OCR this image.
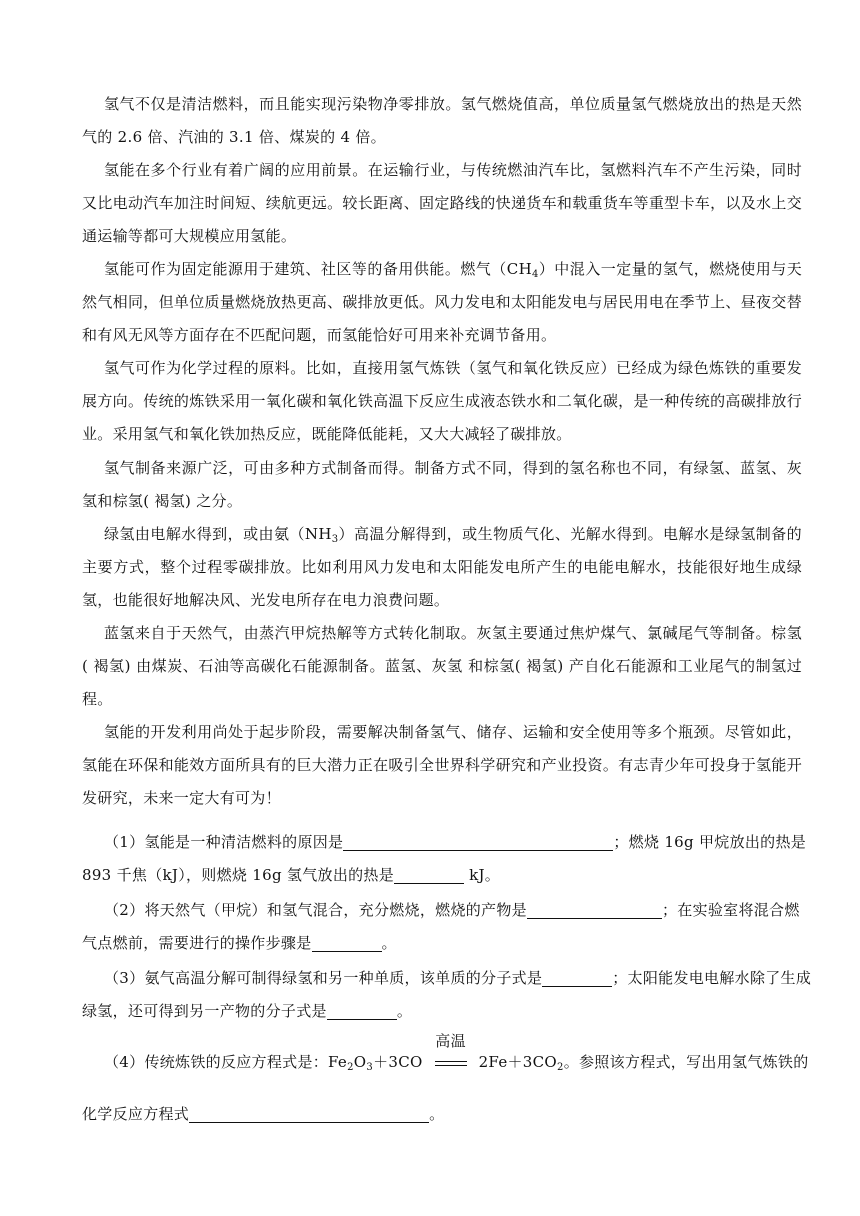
氢气不仅是清洁燃料，而且能实现污染物净零排放。氢气燃烧值高，单位质量氢气燃烧放出的热是天然气的 2.6 倍、汽油的 3.1 倍、煤炭的 4 倍。

氢能在多个行业有着广阔的应用前景。在运输行业，与传统燃油汽车比，氢燃料汽车不产生污染，同时又比电动汽车加注时间短、续航更远。较长距离、固定路线的快递货车和载重货车等重型卡车，以及水上交通运输等都可大规模应用氢能。

氢能可作为固定能源用于建筑、社区等的备用供能。燃气$(CH_4)$中混入一定量的氢气，燃烧使用与天然气相同，但单位质量燃烧放热更高、碳排放更低。风力发电和太阳能发电与居民用电在季节上、昼夜交替和有风无风等方面存在不匹配问题，而氢能恰好可用来补充调节备用。

氢气可作为化学过程的原料。比如，直接用氢气炼铁（氢气和氧化铁反应）已经成为绿色炼铁的重要发展方向。传统的炼铁采用一氧化碳和氧化铁高温下反应生成液态铁水和二氧化碳，是一种传统的高碳排放行业。采用氢气和氧化铁加热反应，既能降低能耗，又大大减轻了碳排放。

氢气制备来源广泛，可由多种方式制备而得。制备方式不同，得到的氢名称也不同，有绿氢、蓝氢、灰氢和棕氢( 褐氢) 之分。

绿氢由电解水得到，或由氨$(NH_3)$高温分解得到，或生物质气化、光解水得到。电解水是绿氢制备的主要方式，整个过程零碳排放。比如利用风力发电和太阳能发电所产生的电能电解水，技能很好地生成绿氢，也能很好地解决风、光发电所存在电力浪费问题。

蓝氢来自于天然气，由蒸汽甲烷热解等方式转化制取。灰氢主要通过焦炉煤气、氯碱尾气等制备。棕氢 ( 褐氢) 由煤炭、石油等高碳化石能源制备。蓝氢、灰氢 和棕氢( 褐氢) 产自化石能源和工业尾气的制氢过程。

氢能的开发利用尚处于起步阶段，需要解决制备氢气、储存、运输和安全使用等多个瓶颈。尽管如此，氢能在环保和能效方面所具有的巨大潜力正在吸引全世界科学研究和产业投资。有志青少年可投身于氢能开发研究，未来一定大有可为！

（1）氢能是一种清洁燃料的原因是	；燃烧 16g 甲烷放出的热是 893 千焦（kJ），则燃烧 16g 氢气放出的热是	kJ。

（2）将天然气（甲烷）和氢气混合，充分燃烧，燃烧的产物是	；在实验室将混合燃气点燃前，需要进行的操作步骤是	。

（3）氨气高温分解可制得绿氢和另一种单质，该单质的分子式是	；太阳能发电电解水除了生成绿氢，还可得到另一产物的分子式是	。

（4）传统炼铁的反应方程式是：$Fe_2O_3+3CO$
高温
$2Fe+3CO_2$。参照该方程式，写出用氢气炼铁的

化学反应方程式	。
